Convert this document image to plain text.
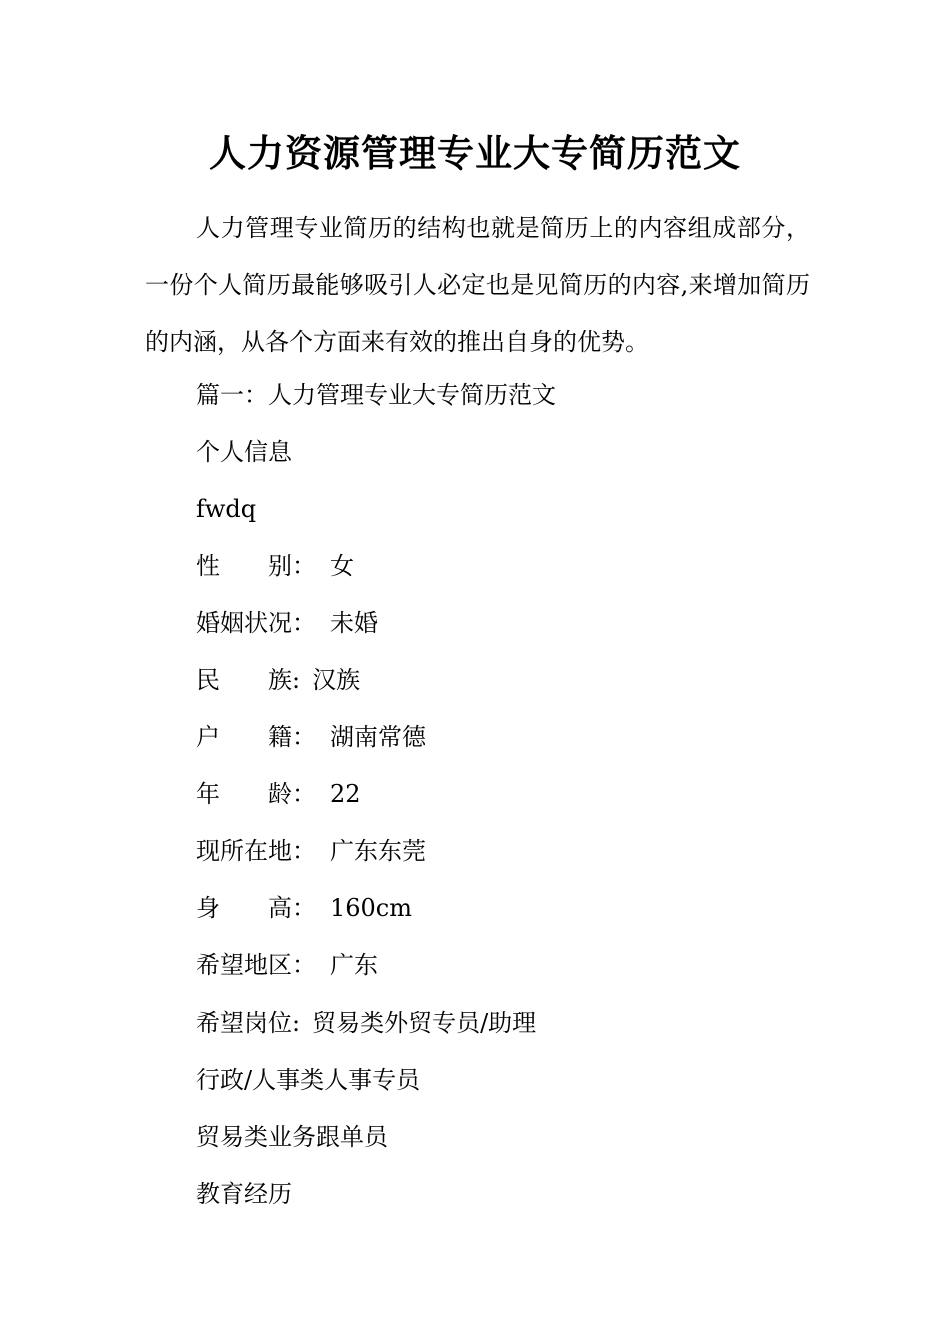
人力资源管理专业大专简历范文

人力管理专业简历的结构也就是简历上的内容组成部分，一份个人简历最能够吸引人必定也是见简历的内容,来增加简历的内涵，从各个方面来有效的推出自身的优势。

篇一：人力管理专业大专简历范文
个人信息
fwdq
性　　别： 女
婚姻状况： 未婚
民　　族: 汉族
户　　籍： 湖南常德
年　　龄： 22
现所在地： 广东东莞
身　　高： 160cm
希望地区： 广东
希望岗位: 贸易类外贸专员/助理
行政/人事类人事专员
贸易类业务跟单员
教育经历
